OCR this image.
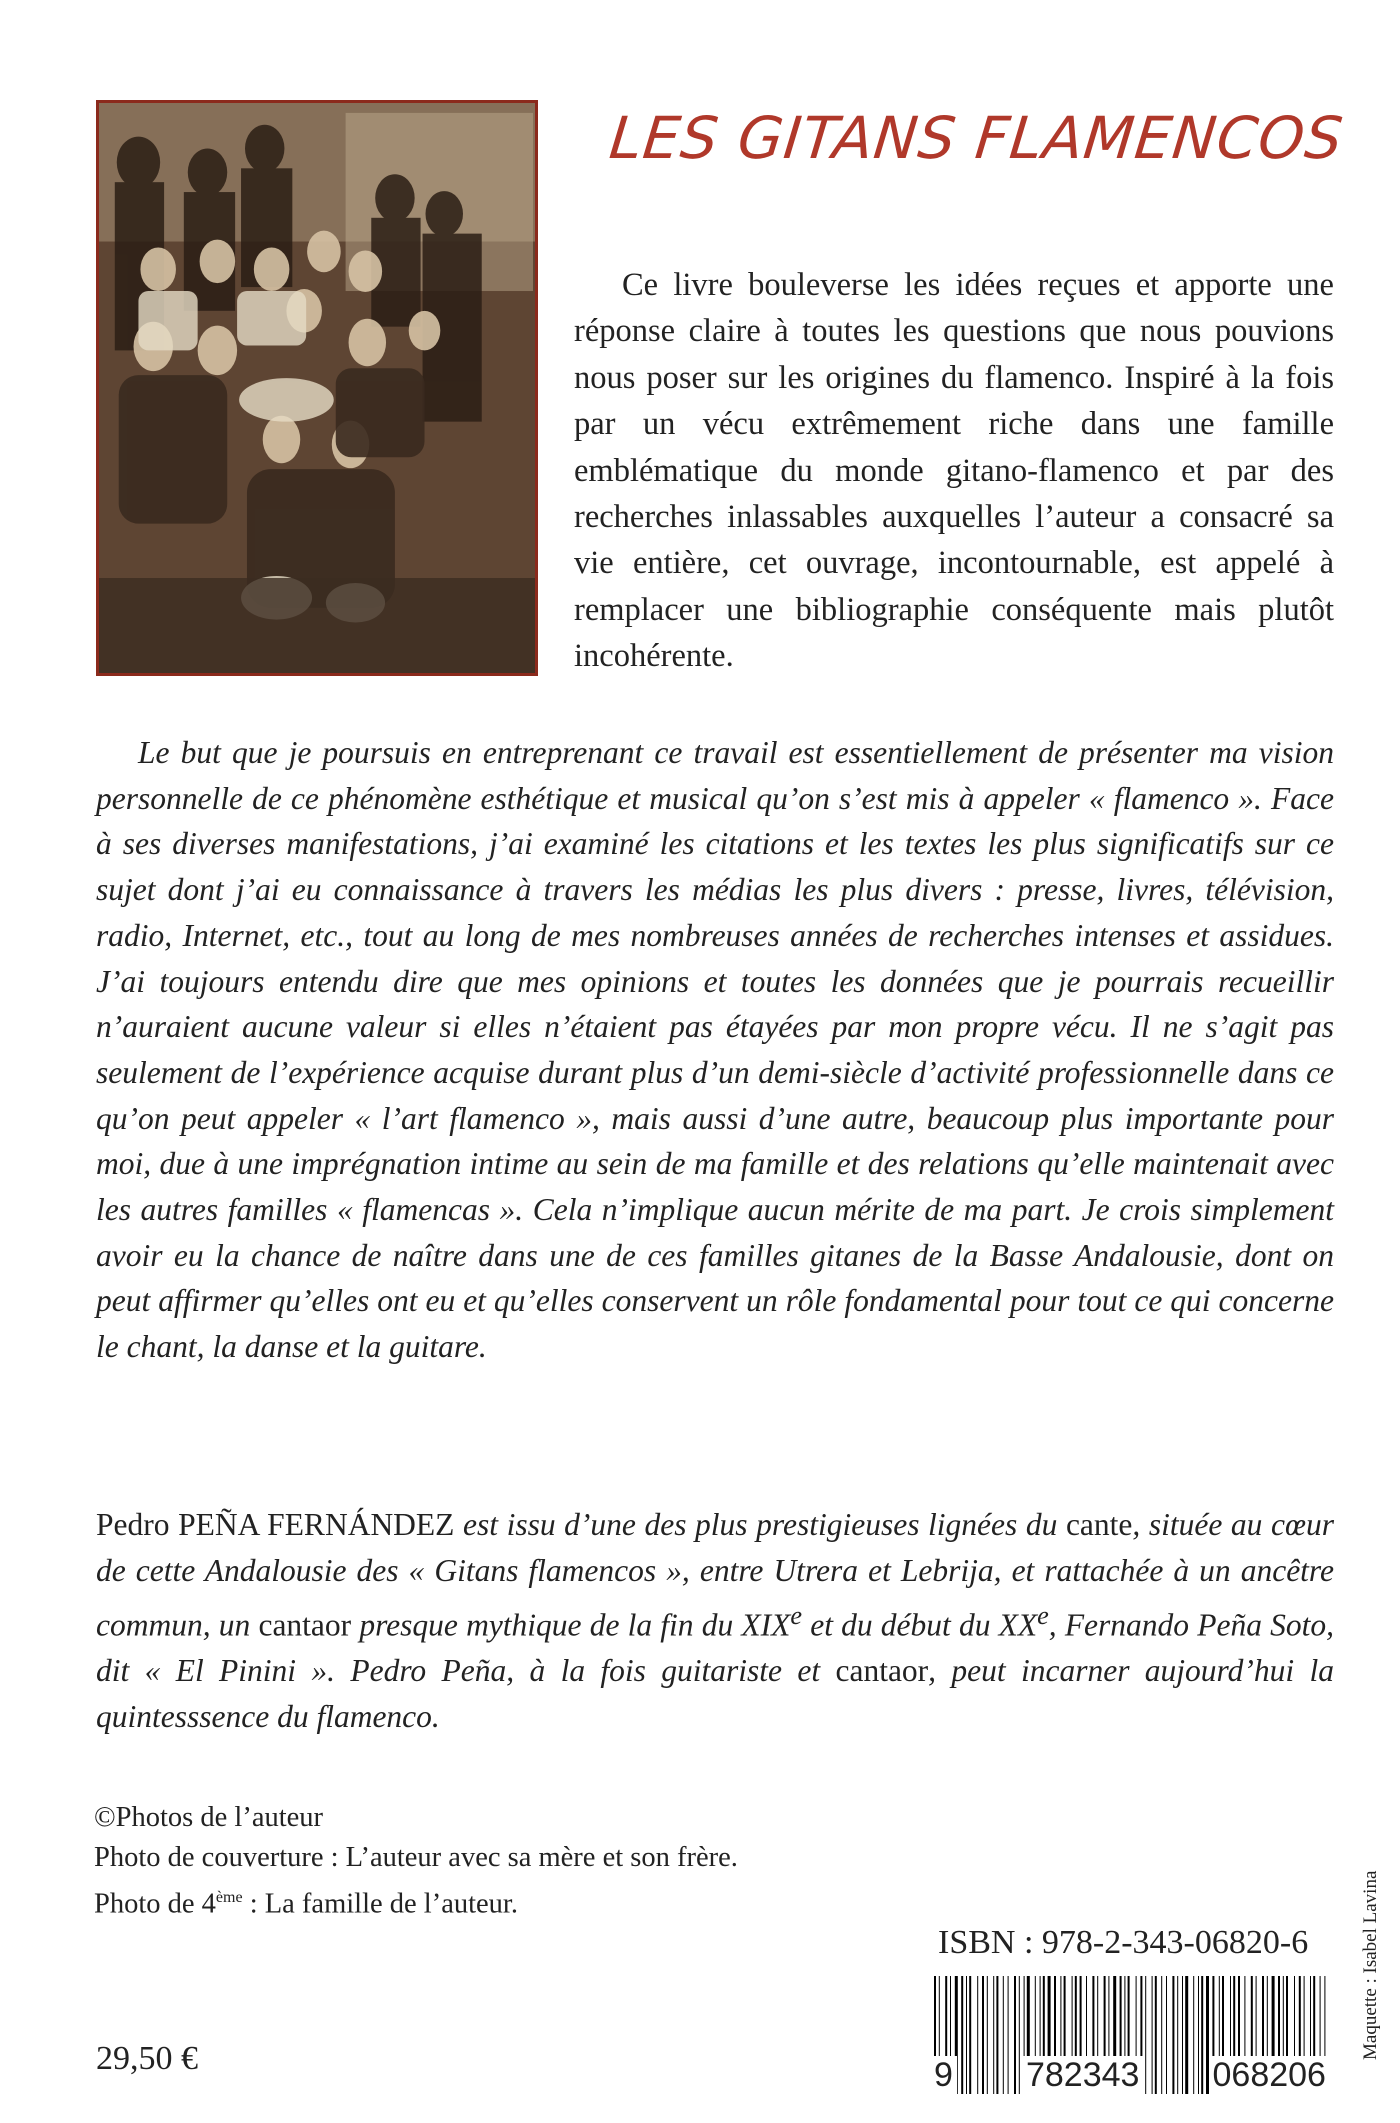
LES GITANS FLAMENCOS

Ce livre bouleverse les idées reçues et apporte une réponse claire à toutes les questions que nous pouvions nous poser sur les origines du flamenco. Inspiré à la fois par un vécu extrêmement riche dans une famille emblématique du monde gitano-flamenco et par des recherches inlassables auxquelles l’auteur a consacré sa vie entière, cet ouvrage, incontournable, est appelé à remplacer une bibliographie conséquente mais plutôt incohérente.

Le but que je poursuis en entreprenant ce travail est essentiellement de présenter ma vision personnelle de ce phénomène esthétique et musical qu’on s’est mis à appeler « flamenco ». Face à ses diverses manifestations, j’ai examiné les citations et les textes les plus significatifs sur ce sujet dont j’ai eu connaissance à travers les médias les plus divers : presse, livres, télévision, radio, Internet, etc., tout au long de mes nombreuses années de recherches intenses et assidues. J’ai toujours entendu dire que mes opinions et toutes les données que je pourrais recueillir n’auraient aucune valeur si elles n’étaient pas étayées par mon propre vécu. Il ne s’agit pas seulement de l’expérience acquise durant plus d’un demi-siècle d’activité professionnelle dans ce qu’on peut appeler « l’art flamenco », mais aussi d’une autre, beaucoup plus importante pour moi, due à une imprégnation intime au sein de ma famille et des relations qu’elle maintenait avec les autres familles « flamencas ». Cela n’implique aucun mérite de ma part. Je crois simplement avoir eu la chance de naître dans une de ces familles gitanes de la Basse Andalousie, dont on peut affirmer qu’elles ont eu et qu’elles conservent un rôle fondamental pour tout ce qui concerne le chant, la danse et la guitare.

Pedro PEÑA FERNÁNDEZ est issu d’une des plus prestigieuses lignées du cante, située au cœur de cette Andalousie des « Gitans flamencos », entre Utrera et Lebrija, et rattachée à un ancêtre commun, un cantaor presque mythique de la fin du XIXe et du début du XXe, Fernando Peña Soto, dit « El Pinini ». Pedro Peña, à la fois guitariste et cantaor, peut incarner aujourd’hui la quintesssence du flamenco.

©Photos de l’auteur
Photo de couverture : L’auteur avec sa mère et son frère.
Photo de 4ème : La famille de l’auteur.
ISBN : 978-2-343-06820-6
9 782343 068206
29,50 €	Maquette : Isabel Lavina
